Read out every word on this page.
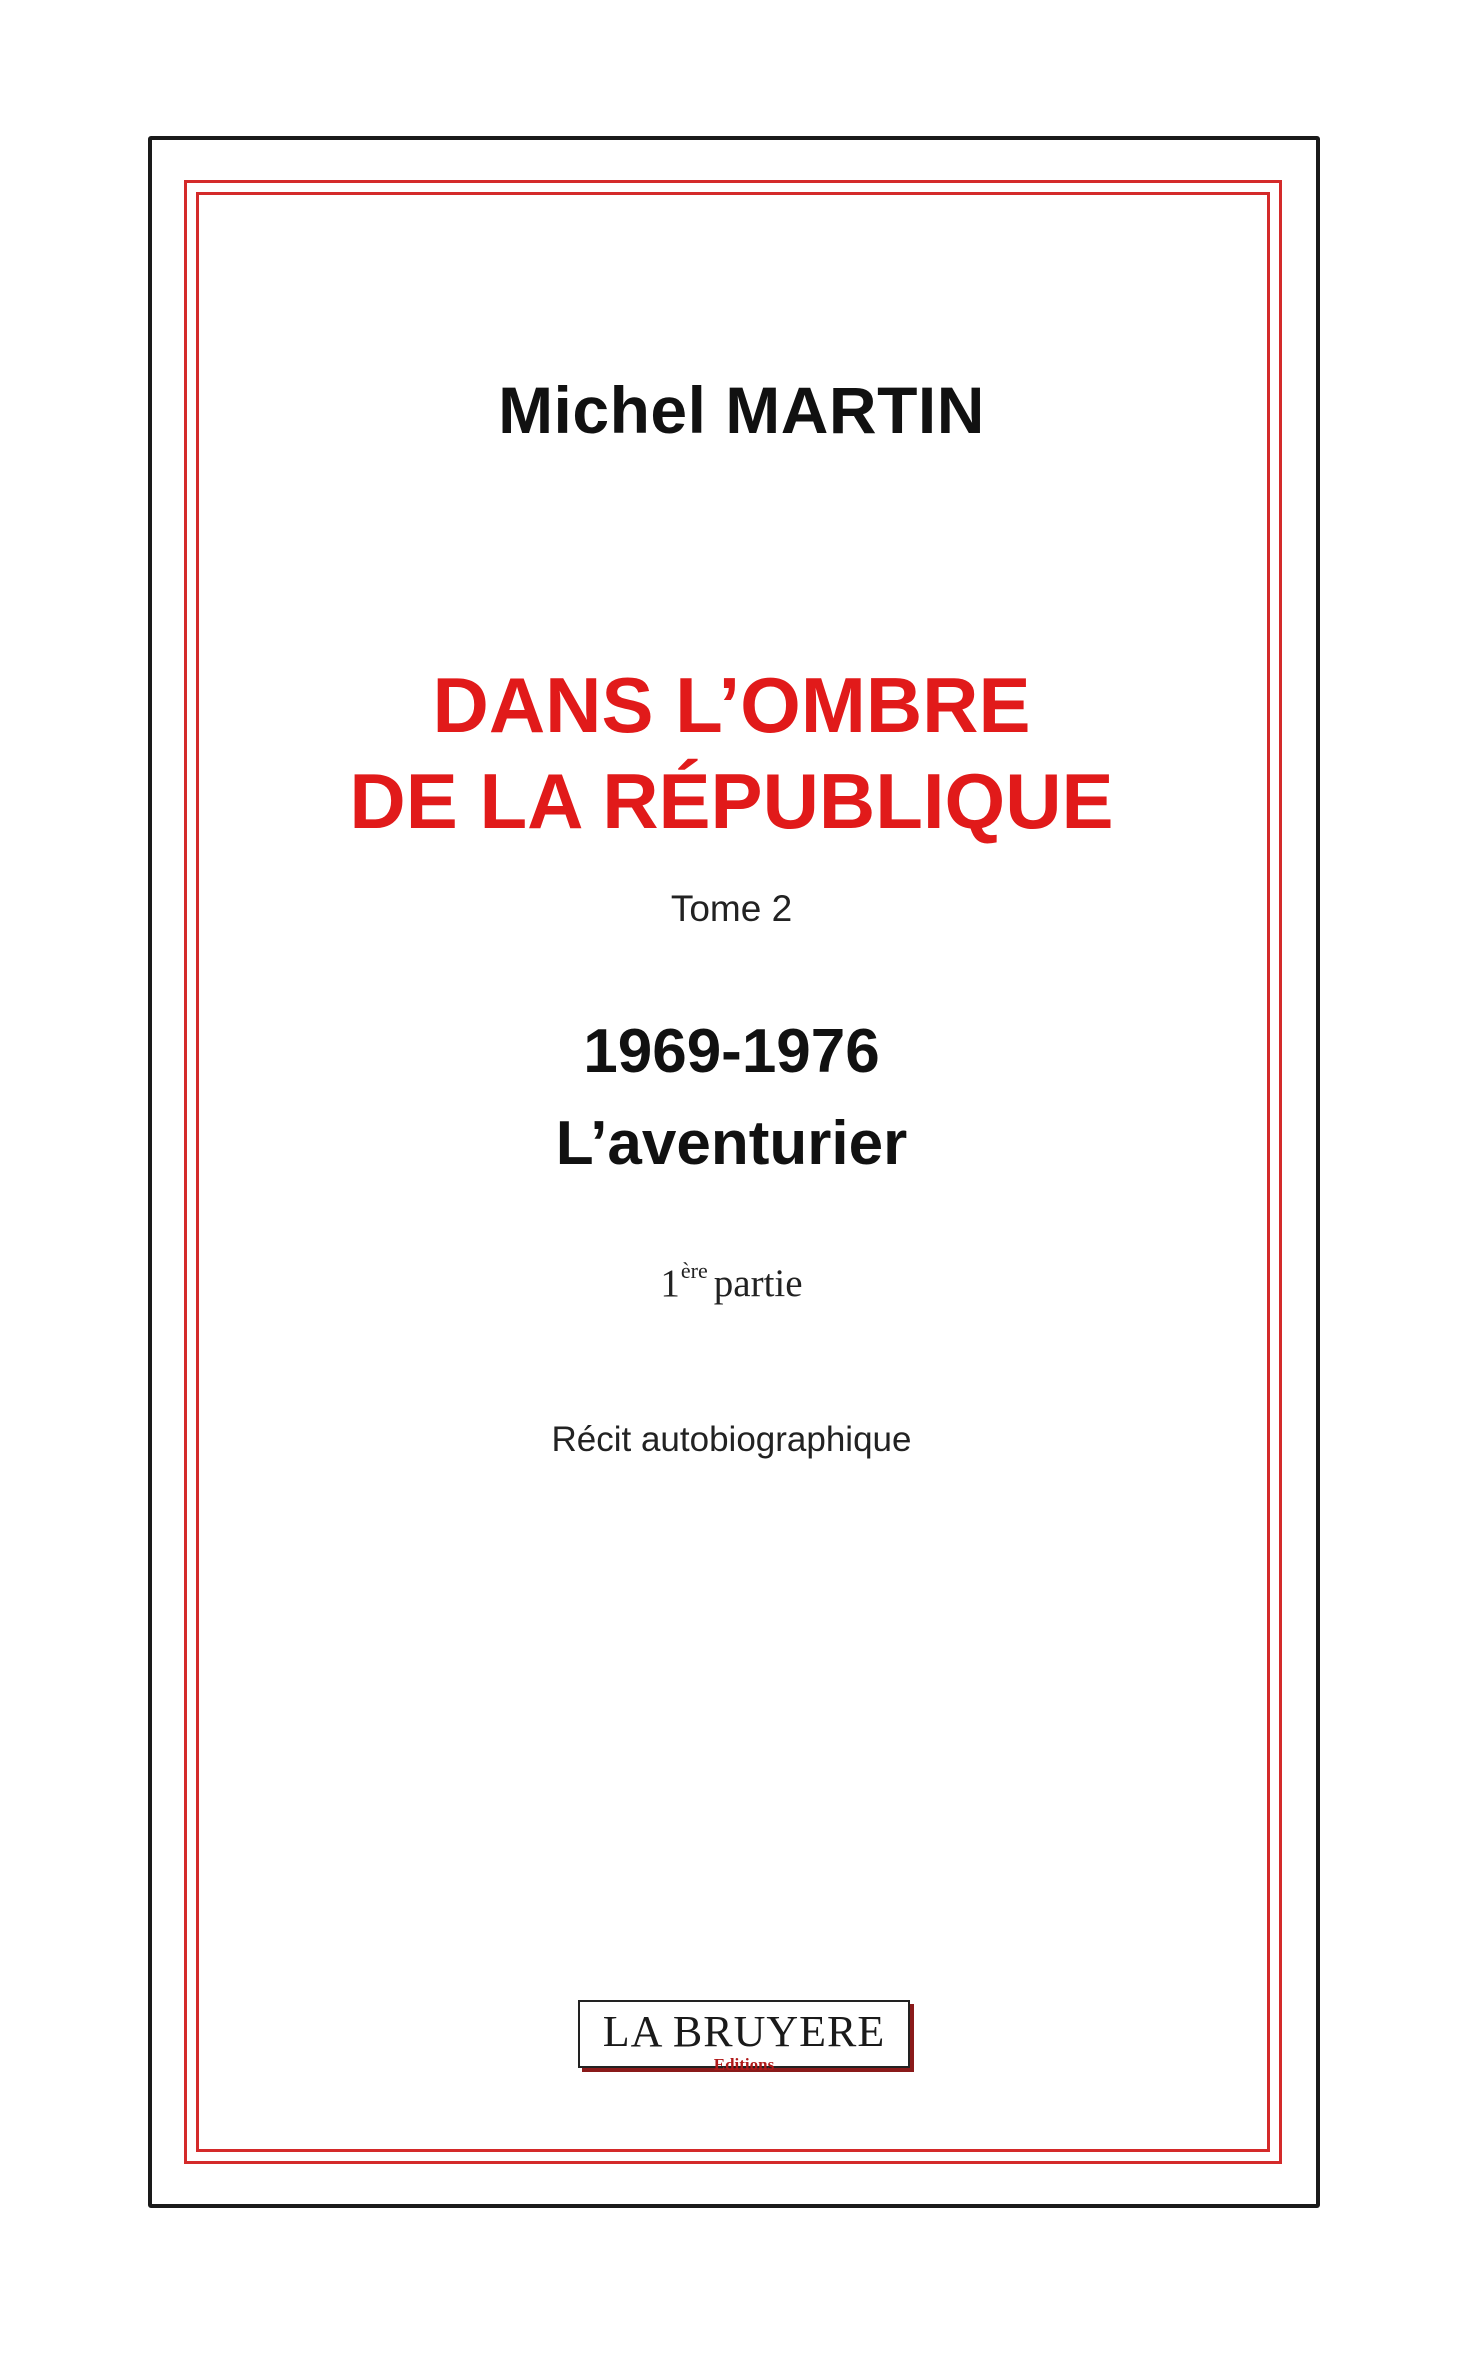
Michel MARTIN
DANS L’OMBRE
DE LA RÉPUBLIQUE
Tome 2
1969-1976
L’aventurier
1ère partie
Récit autobiographique
LA BRUYERE
Editions
